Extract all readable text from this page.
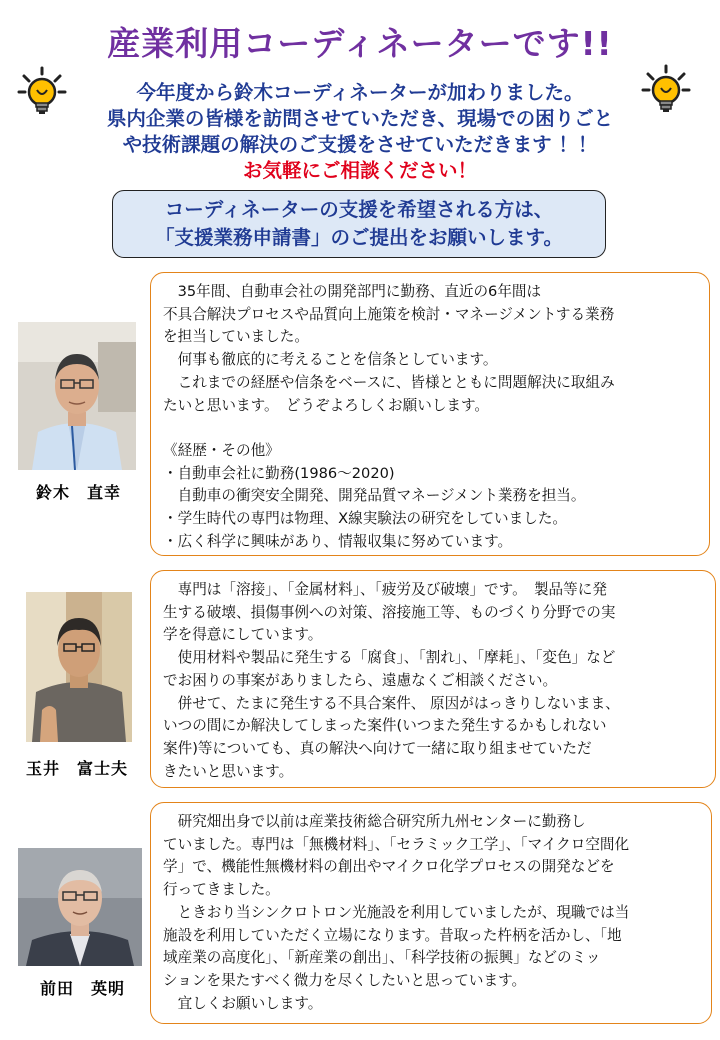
産業利用コーディネーターです!!
今年度から鈴木コーディネーターが加わりました。
県内企業の皆様を訪問させていただき、現場での困りごと
や技術課題の解決のご支援をさせていただきます ！！
お気軽にご相談ください！
コーディネーターの支援を希望される方は、
「支援業務申請書」のご提出をお願いします。
鈴木　直幸

　35年間、自動車会社の開発部門に勤務、直近の6年間は

不具合解決プロセスや品質向上施策を検討・マネージメントする業務

を担当していました。

　何事も徹底的に考えることを信条としています。

　これまでの経歴や信条をベースに、皆様とともに問題解決に取組み

たいと思います。　どうぞよろしくお願いします。

《経歴・その他》

・自動車会社に勤務(1986～2020)

　自動車の衝突安全開発、開発品質マネージメント業務を担当。

・学生時代の専門は物理、X線実験法の研究をしていました。

・広く科学に興味があり、情報収集に努めています。

玉井　富士夫

　専門は「溶接」、「金属材料」、「疲労及び破壊」です。　製品等に発

生する破壊、損傷事例への対策、溶接施工等、ものづくり分野での実

学を得意にしています。

　使用材料や製品に発生する「腐食」、「割れ」、「摩耗」、「変色」など

でお困りの事案がありましたら、遠慮なくご相談ください。

　併せて、たまに発生する不具合案件、 原因がはっきりしないまま、

いつの間にか解決してしまった案件(いつまた発生するかもしれない

案件)等についても、真の解決へ向けて一緒に取り組ませていただ

きたいと思います。

前田　英明

　研究畑出身で以前は産業技術総合研究所九州センターに勤務し

ていました。専門は「無機材料」、「セラミック工学」、「マイクロ空間化

学」で、機能性無機材料の創出やマイクロ化学プロセスの開発などを

行ってきました。

　ときおり当シンクロトロン光施設を利用していましたが、現職では当

施設を利用していただく立場になります。昔取った杵柄を活かし、「地

域産業の高度化」、「新産業の創出」、「科学技術の振興」などのミッ

ションを果たすべく微力を尽くしたいと思っています。

　宜しくお願いします。
